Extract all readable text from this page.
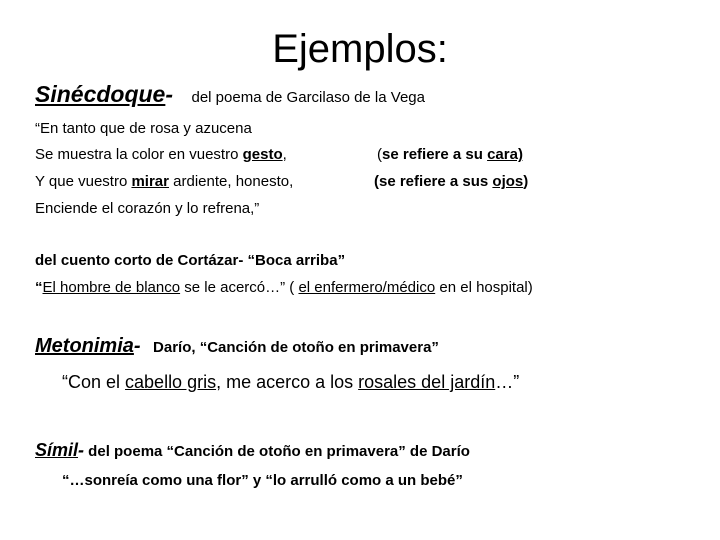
Ejemplos:
Sinécdoque- del poema de Garcilaso de la Vega
“En tanto que de rosa y azucena
Se muestra la color en vuestro gesto,	(se refiere a su cara)
Y que vuestro mirar ardiente, honesto,	(se refiere a sus ojos)
Enciende el corazón y lo refrena,”
del cuento corto de Cortázar- “Boca arriba”
“El hombre de blanco se le acercó…” ( el enfermero/médico en el hospital)
Metonimia- Darío, “Canción de otoño en primavera”
“Con el cabello gris, me acerco a los rosales del jardín…”
Símil- del poema “Canción de otoño en primavera” de Darío
“…sonreía como una flor” y “lo arrulló como a un bebé”
